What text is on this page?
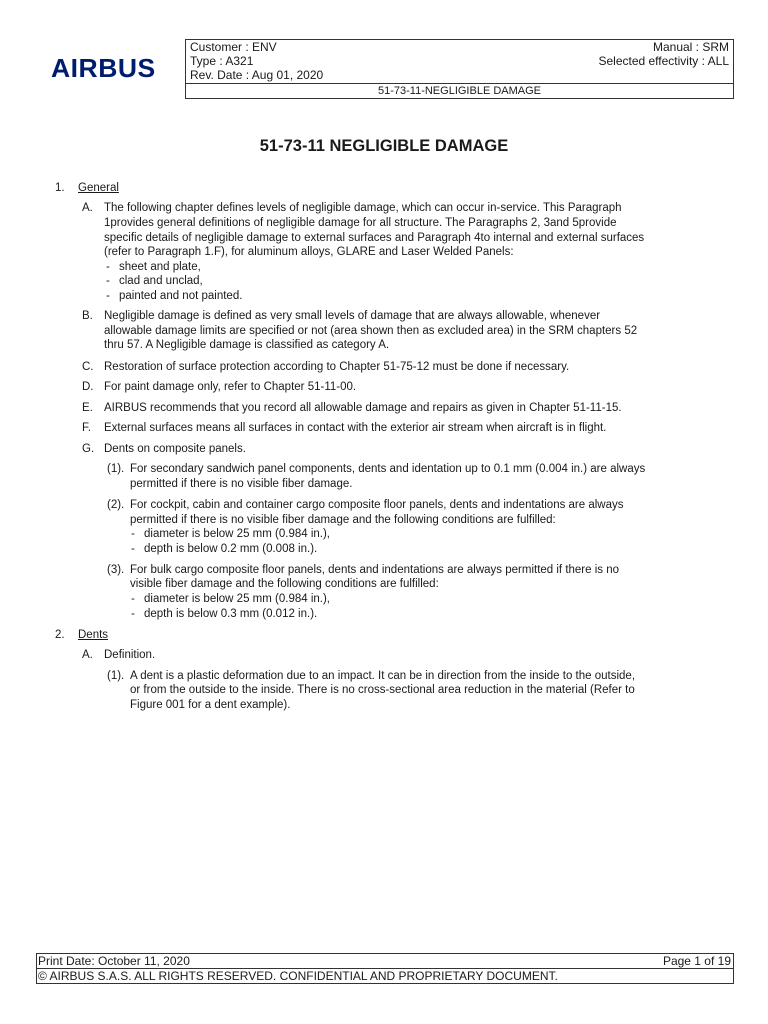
AIRBUS
Customer : ENV	Manual : SRM
Type : A321	Selected effectivity : ALL
Rev. Date : Aug 01, 2020
51-73-11-NEGLIGIBLE DAMAGE
51-73-11 NEGLIGIBLE DAMAGE
1. General
A. The following chapter defines levels of negligible damage, which can occur in-service. This Paragraph
1provides general definitions of negligible damage for all structure. The Paragraphs 2, 3and 5provide
specific details of negligible damage to external surfaces and Paragraph 4to internal and external surfaces
(refer to Paragraph 1.F), for aluminum alloys, GLARE and Laser Welded Panels:
- sheet and plate,
- clad and unclad,
- painted and not painted.
B. Negligible damage is defined as very small levels of damage that are always allowable, whenever
allowable damage limits are specified or not (area shown then as excluded area) in the SRM chapters 52
thru 57. A Negligible damage is classified as category A.
C. Restoration of surface protection according to Chapter 51-75-12 must be done if necessary.
D. For paint damage only, refer to Chapter 51-11-00.
E. AIRBUS recommends that you record all allowable damage and repairs as given in Chapter 51-11-15.
F. External surfaces means all surfaces in contact with the exterior air stream when aircraft is in flight.
G. Dents on composite panels.
(1). For secondary sandwich panel components, dents and identation up to 0.1 mm (0.004 in.) are always
permitted if there is no visible fiber damage.
(2). For cockpit, cabin and container cargo composite floor panels, dents and indentations are always
permitted if there is no visible fiber damage and the following conditions are fulfilled:
- diameter is below 25 mm (0.984 in.),
- depth is below 0.2 mm (0.008 in.).
(3). For bulk cargo composite floor panels, dents and indentations are always permitted if there is no
visible fiber damage and the following conditions are fulfilled:
- diameter is below 25 mm (0.984 in.),
- depth is below 0.3 mm (0.012 in.).
2. Dents
A. Definition.
(1). A dent is a plastic deformation due to an impact. It can be in direction from the inside to the outside,
or from the outside to the inside. There is no cross-sectional area reduction in the material (Refer to
Figure 001 for a dent example).
Print Date: October 11, 2020	Page 1 of 19
© AIRBUS S.A.S. ALL RIGHTS RESERVED. CONFIDENTIAL AND PROPRIETARY DOCUMENT.
